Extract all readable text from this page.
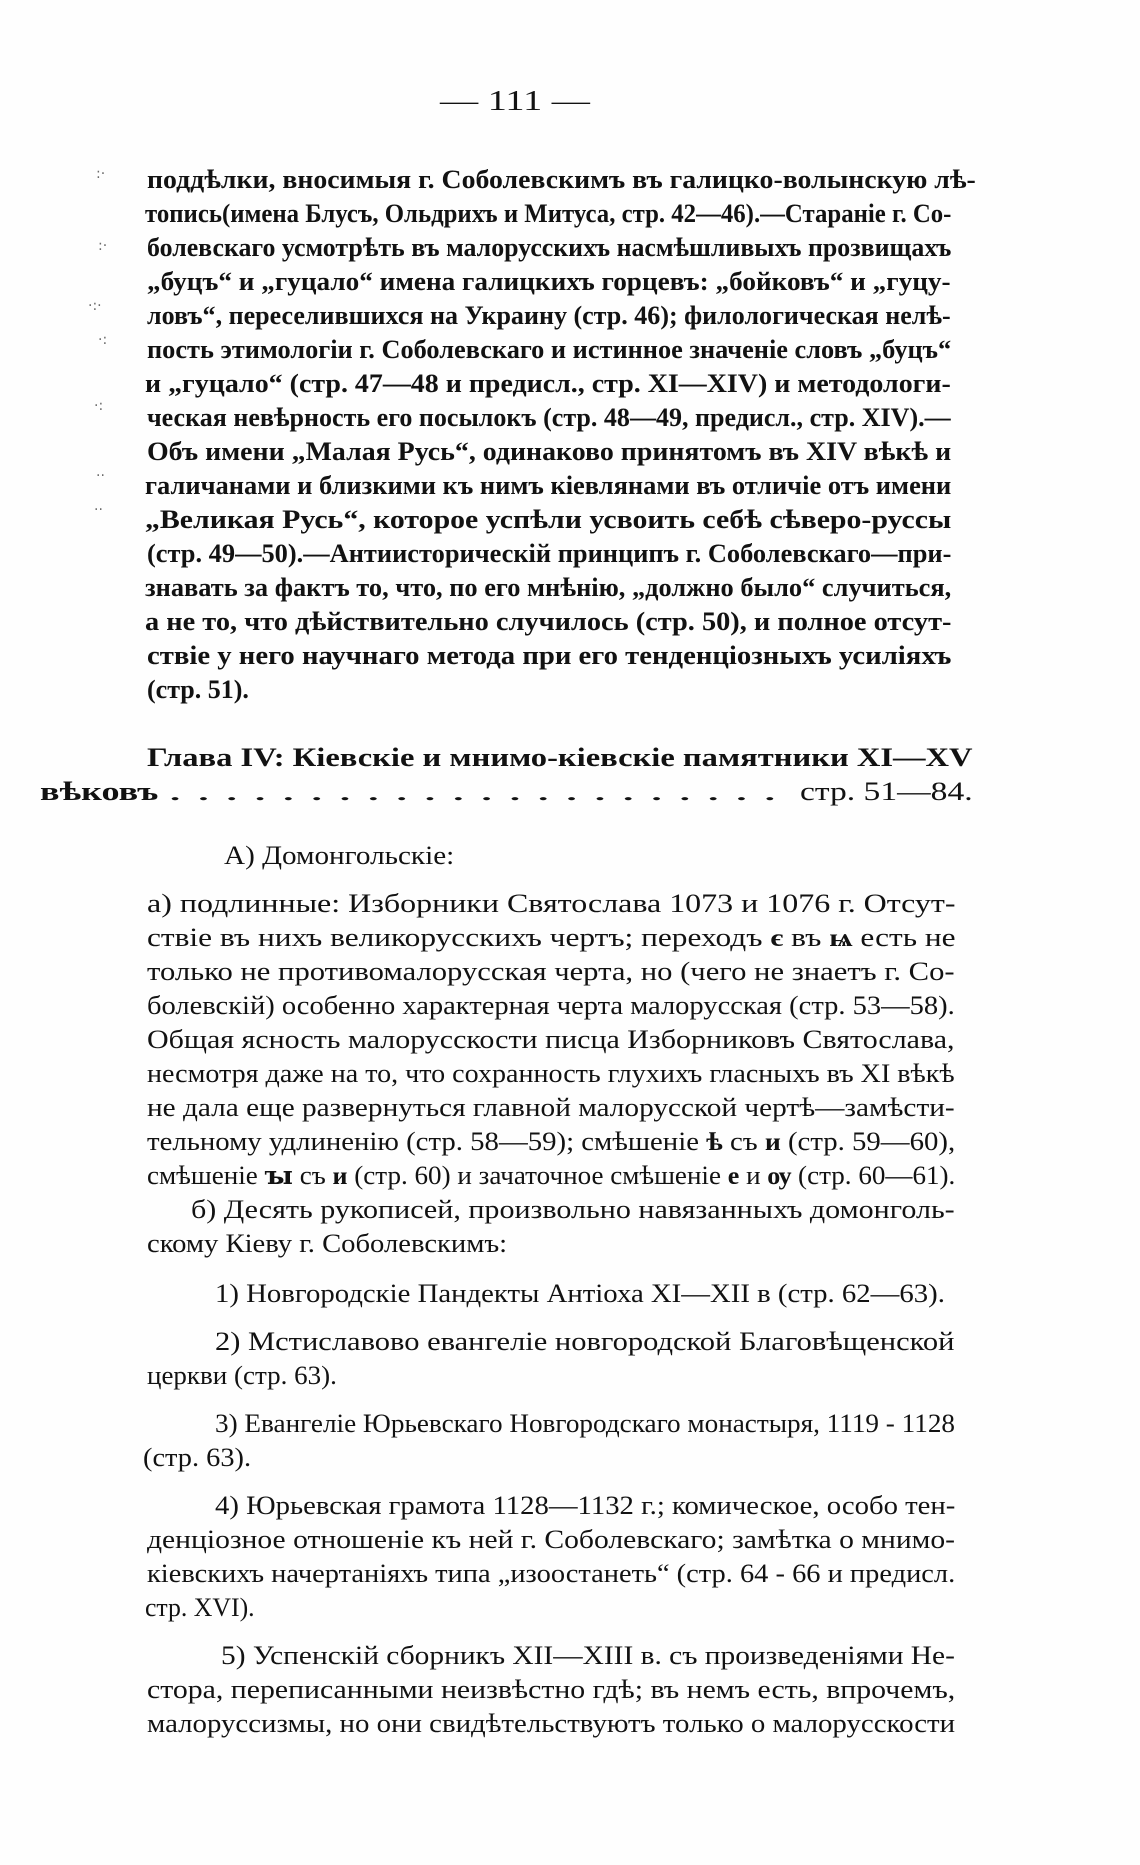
— 111 —
:·
:·
·:·
·:
·:
··
··
поддѣлки, вносимыя г. Соболевскимъ въ галицко-волынскую лѣ-
топись(имена Блусъ, Ольдрихъ и Митуса, стр. 42—46).—Стараніе г. Со-
болевскаго усмотрѣть въ малорусскихъ насмѣшливыхъ прозвищахъ
„буцъ“ и „гуцало“ имена галицкихъ горцевъ: „бойковъ“ и „гуцу-
ловъ“, переселившихся на Украину (стр. 46); филологическая нелѣ-
пость этимологіи г. Соболевскаго и истинное значеніе словъ „буцъ“
и „гуцало“ (стр. 47—48 и предисл., стр. XI—XIV) и методологи-
ческая невѣрность его посылокъ (стр. 48—49, предисл., стр. XIV).—
Объ имени „Малая Русь“, одинаково принятомъ въ XIV вѣкѣ и
галичанами и близкими къ нимъ кіевлянами въ отличіе отъ имени
„Великая Русь“, которое успѣли усвоить себѣ сѣверо-руссы
(стр. 49—50).—Антиисторическій принципъ г. Соболевскаго—при-
знавать за фактъ то, что, по его мнѣнію, „должно было“ случиться,
а не то, что дѣйствительно случилось (стр. 50), и полное отсут-
ствіе у него научнаго метода при его тенденціозныхъ усиліяхъ
(стр. 51).
Глава IV: Кіевскіе и мнимо-кіевскіе памятники XI—XV
вѣковъ . . . . . . . . . . . . . . . . . . . . . . стр. 51—84.
А) Домонгольскіе:
а) подлинные: Изборники Святослава 1073 и 1076 г. Отсут-
ствіе въ нихъ великорусскихъ чертъ; переходъ є въ ѩ есть не
только не противомалорусская черта, но (чего не знаетъ г. Со-
болевскій) особенно характерная черта малорусская (стр. 53—58).
Общая ясность малорусскости писца Изборниковъ Святослава,
несмотря даже на то, что сохранность глухихъ гласныхъ въ XI вѣкѣ
не дала еще развернуться главной малорусской чертѣ—замѣсти-
тельному удлиненію (стр. 58—59); смѣшеніе ѣ съ и (стр. 59—60),
смѣшеніе ꙑ съ и (стр. 60) и зачаточное смѣшеніе е и ѹ (стр. 60—61).
б) Десять рукописей, произвольно навязанныхъ домонголь-
скому Кіеву г. Соболевскимъ:
1) Новгородскіе Пандекты Антіоха XI—XII в (стр. 62—63).
2) Мстиславово евангеліе новгородской Благовѣщенской
церкви (стр. 63).
3) Евангеліе Юрьевскаго Новгородскаго монастыря, 1119 - 1128
(стр. 63).
4) Юрьевская грамота 1128—1132 г.; комическое, особо тен-
денціозное отношеніе къ ней г. Соболевскаго; замѣтка о мнимо-
кіевскихъ начертаніяхъ типа „изоостанеть“ (стр. 64 - 66 и предисл.
стр. XVI).
5) Успенскій сборникъ XII—XIII в. съ произведеніями Не-
стора, переписанными неизвѣстно гдѣ; въ немъ есть, впрочемъ,
малоруссизмы, но они свидѣтельствуютъ только о малорусскости
